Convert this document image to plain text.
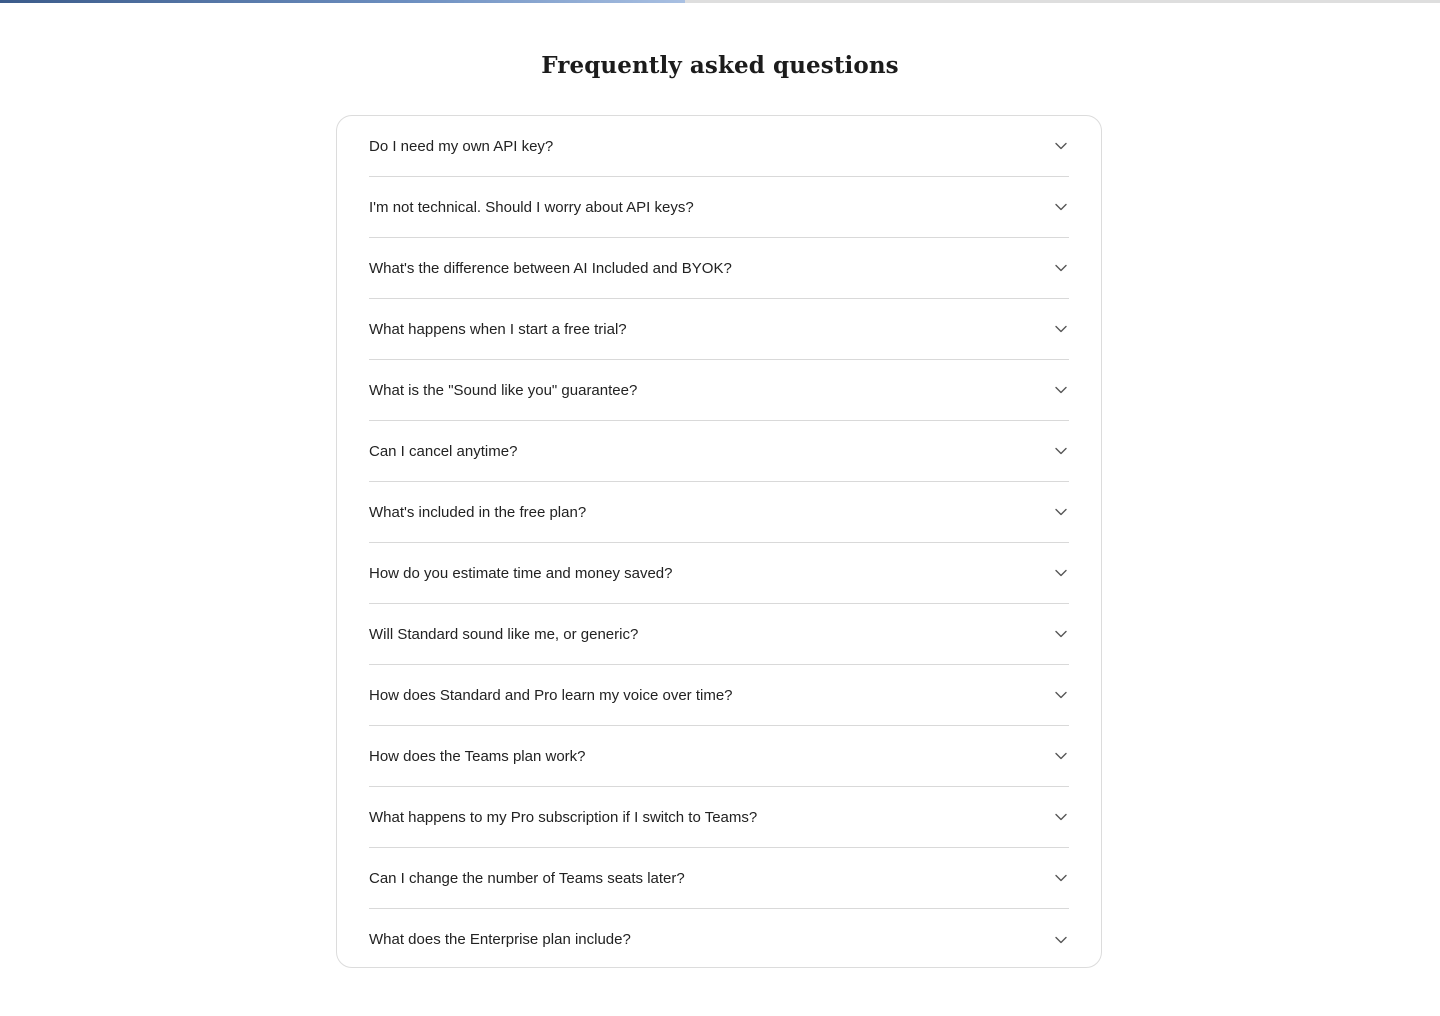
Frequently asked questions
Do I need my own API key?
I'm not technical. Should I worry about API keys?
What's the difference between AI Included and BYOK?
What happens when I start a free trial?
What is the "Sound like you" guarantee?
Can I cancel anytime?
What's included in the free plan?
How do you estimate time and money saved?
Will Standard sound like me, or generic?
How does Standard and Pro learn my voice over time?
How does the Teams plan work?
What happens to my Pro subscription if I switch to Teams?
Can I change the number of Teams seats later?
What does the Enterprise plan include?
